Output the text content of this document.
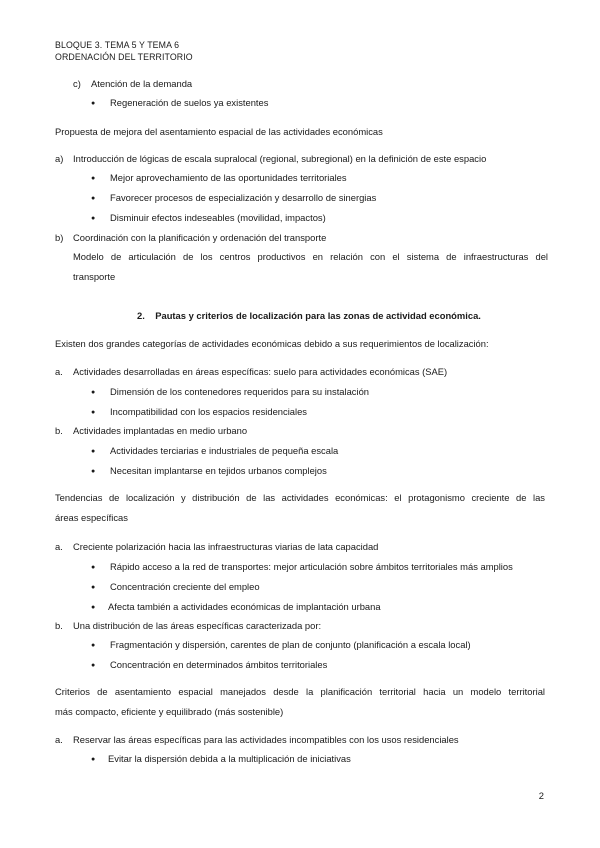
BLOQUE 3. TEMA 5 Y TEMA 6
ORDENACIÓN DEL TERRITORIO
c) Atención de la demanda
● Regeneración de suelos ya existentes
Propuesta de mejora del asentamiento espacial de las actividades económicas
a) Introducción de lógicas de escala supralocal (regional, subregional) en la definición de este espacio
● Mejor aprovechamiento de las oportunidades territoriales
● Favorecer procesos de especialización y desarrollo de sinergias
● Disminuir efectos indeseables (movilidad, impactos)
b) Coordinación con la planificación y ordenación del transporte
Modelo de articulación de los centros productivos en relación con el sistema de infraestructuras del
transporte
2.    Pautas y criterios de localización para las zonas de actividad económica.
Existen dos grandes categorías de actividades económicas debido a sus requerimientos de localización:
a. Actividades desarrolladas en áreas específicas: suelo para actividades económicas (SAE)
● Dimensión de los contenedores requeridos para su instalación
● Incompatibilidad con los espacios residenciales
b. Actividades implantadas en medio urbano
● Actividades terciarias e industriales de pequeña escala
● Necesitan implantarse en tejidos urbanos complejos
Tendencias de localización y distribución de las actividades económicas: el protagonismo creciente de las
áreas específicas
a. Creciente polarización hacia las infraestructuras viarias de lata capacidad
● Rápido acceso a la red de transportes: mejor articulación sobre ámbitos territoriales más amplios
● Concentración creciente del empleo
● Afecta también a actividades económicas de implantación urbana
b. Una distribución de las áreas específicas caracterizada por:
● Fragmentación y dispersión, carentes de plan de conjunto (planificación a escala local)
● Concentración en determinados ámbitos territoriales
Criterios de asentamiento espacial manejados desde la planificación territorial hacia un modelo territorial
más compacto, eficiente y equilibrado (más sostenible)
a. Reservar las áreas específicas para las actividades incompatibles con los usos residenciales
● Evitar la dispersión debida a la multiplicación de iniciativas
2
